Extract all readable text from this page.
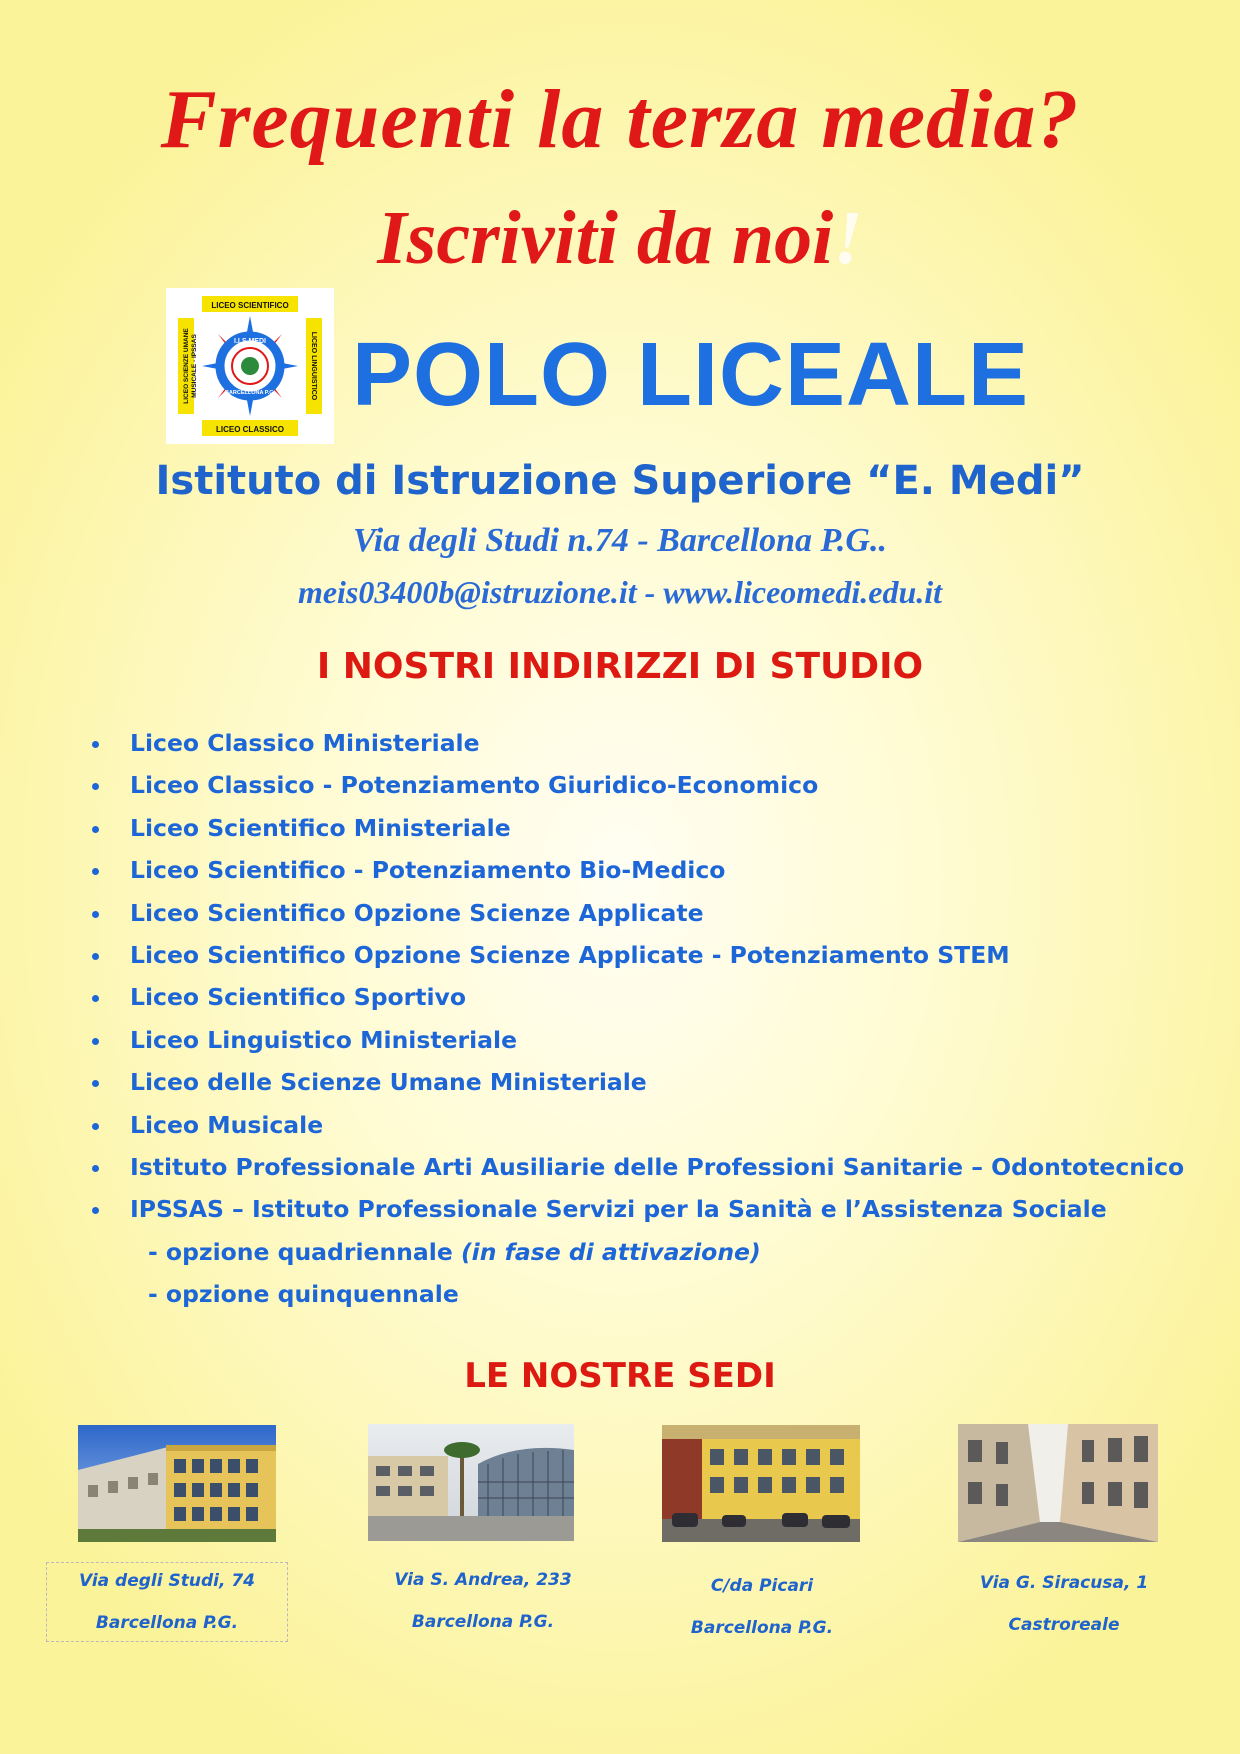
Frequenti la terza media?
Iscriviti da noi!
LICEO SCIENTIFICO
LICEO CLASSICO
LICEO SCIENZE UMANE	LICEO LINGUISTICO
I.I.S.MEDI
BARCELLONA P.G.
MUSICALE - IPSSAS POLO LICEALE
Istituto di Istruzione Superiore “E. Medi”
Via degli Studi n.74 - Barcellona P.G..
meis03400b@istruzione.it - www.liceomedi.edu.it
I NOSTRI INDIRIZZI DI STUDIO
Liceo Classico Ministeriale
Liceo Classico - Potenziamento Giuridico-Economico
Liceo Scientifico Ministeriale
Liceo Scientifico - Potenziamento Bio-Medico
Liceo Scientifico Opzione Scienze Applicate
Liceo Scientifico Opzione Scienze Applicate - Potenziamento STEM
Liceo Scientifico Sportivo
Liceo Linguistico Ministeriale
Liceo delle Scienze Umane Ministeriale
Liceo Musicale
Istituto Professionale Arti Ausiliarie delle Professioni Sanitarie – Odontotecnico
IPSSAS – Istituto Professionale Servizi per la Sanità e l’Assistenza Sociale
- opzione quadriennale (in fase di attivazione)
- opzione quinquennale
LE NOSTRE SEDI
Via degli Studi, 74
Barcellona P.G.
Via S. Andrea, 233
Barcellona P.G.
C/da Picari
Barcellona P.G.
Via G. Siracusa, 1
Castroreale
